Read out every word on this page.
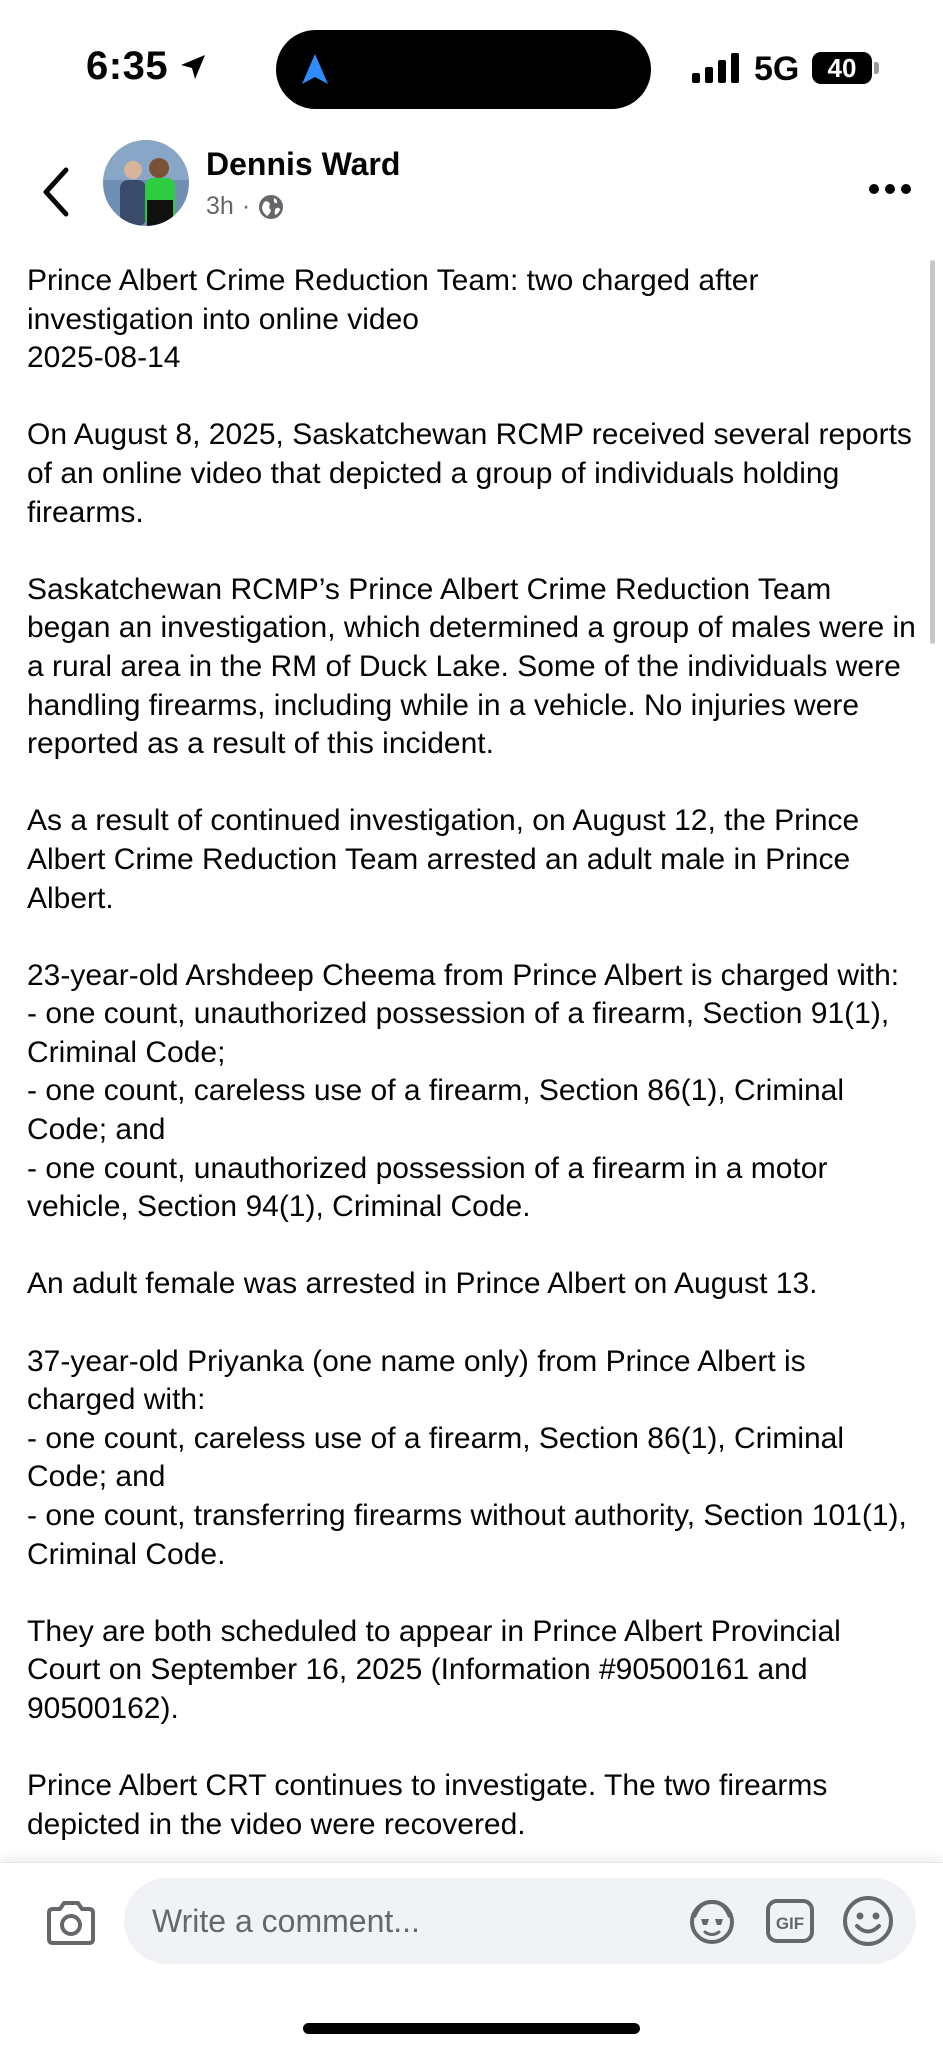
6:35	5G	40
Dennis Ward
3h ·

Prince Albert Crime Reduction Team: two charged after investigation into online video
2025-08-14

On August 8, 2025, Saskatchewan RCMP received several reports of an online video that depicted a group of individuals holding firearms.

Saskatchewan RCMP’s Prince Albert Crime Reduction Team began an investigation, which determined a group of males were in a rural area in the RM of Duck Lake. Some of the individuals were handling firearms, including while in a vehicle. No injuries were reported as a result of this incident.

As a result of continued investigation, on August 12, the Prince Albert Crime Reduction Team arrested an adult male in Prince Albert.

23-year-old Arshdeep Cheema from Prince Albert is charged with:
- one count, unauthorized possession of a firearm, Section 91(1), Criminal Code;
- one count, careless use of a firearm, Section 86(1), Criminal Code; and
- one count, unauthorized possession of a firearm in a motor vehicle, Section 94(1), Criminal Code.

An adult female was arrested in Prince Albert on August 13.

37-year-old Priyanka (one name only) from Prince Albert is charged with:
- one count, careless use of a firearm, Section 86(1), Criminal Code; and
- one count, transferring firearms without authority, Section 101(1), Criminal Code.

They are both scheduled to appear in Prince Albert Provincial Court on September 16, 2025 (Information #90500161 and 90500162).

Prince Albert CRT continues to investigate. The two firearms depicted in the video were recovered.

Write a comment...	GIF
